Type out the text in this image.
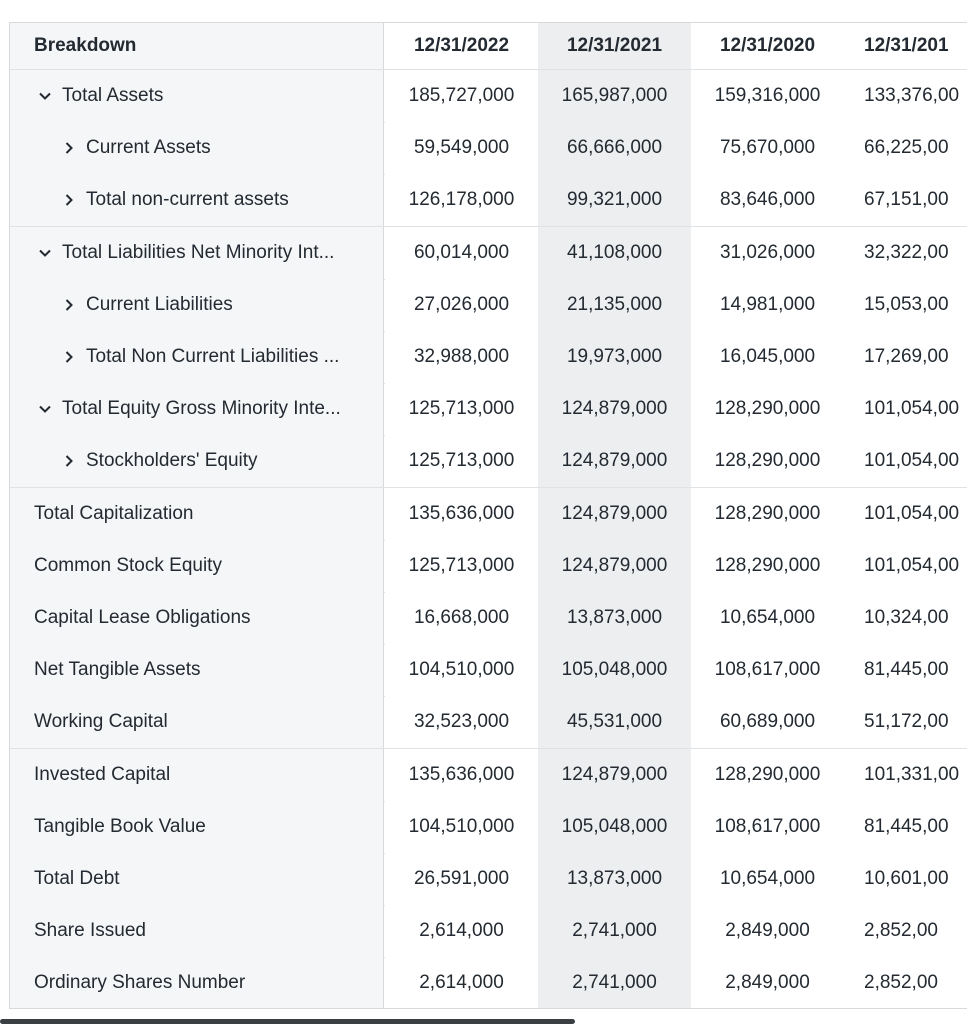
Breakdown	12/31/2022	12/31/2021	12/31/2020	12/31/201
Total Assets	185,727,000	165,987,000	159,316,000	133,376,00
Current Assets	59,549,000	66,666,000	75,670,000	66,225,00
Total non-current assets	126,178,000	99,321,000	83,646,000	67,151,00
Total Liabilities Net Minority Int...	60,014,000	41,108,000	31,026,000	32,322,00
Current Liabilities	27,026,000	21,135,000	14,981,000	15,053,00
Total Non Current Liabilities ...	32,988,000	19,973,000	16,045,000	17,269,00
Total Equity Gross Minority Inte...	125,713,000	124,879,000	128,290,000	101,054,00
Stockholders' Equity	125,713,000	124,879,000	128,290,000	101,054,00
Total Capitalization	135,636,000	124,879,000	128,290,000	101,054,00
Common Stock Equity	125,713,000	124,879,000	128,290,000	101,054,00
Capital Lease Obligations	16,668,000	13,873,000	10,654,000	10,324,00
Net Tangible Assets	104,510,000	105,048,000	108,617,000	81,445,00
Working Capital	32,523,000	45,531,000	60,689,000	51,172,00
Invested Capital	135,636,000	124,879,000	128,290,000	101,331,00
Tangible Book Value	104,510,000	105,048,000	108,617,000	81,445,00
Total Debt	26,591,000	13,873,000	10,654,000	10,601,00
Share Issued	2,614,000	2,741,000	2,849,000	2,852,00
Ordinary Shares Number	2,614,000	2,741,000	2,849,000	2,852,00
